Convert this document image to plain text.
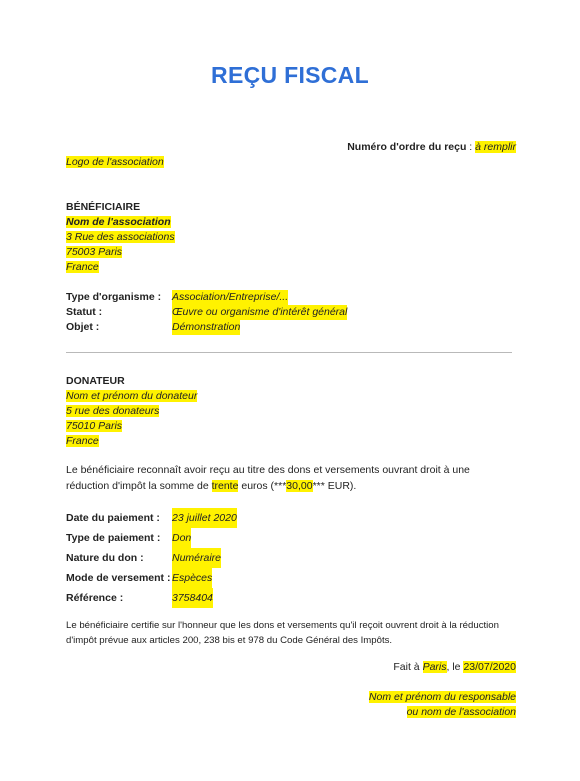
REÇU FISCAL
Numéro d'ordre du reçu : à remplir
Logo de l'association
BÉNÉFICIAIRE
Nom de l'association
3 Rue des associations
75003 Paris
France
Type d'organisme :	Association/Entreprise/...
Statut :	Œuvre ou organisme d'intérêt général
Objet :	Démonstration
DONATEUR
Nom et prénom du donateur
5 rue des donateurs
75010 Paris
France
Le bénéficiaire reconnaît avoir reçu au titre des dons et versements ouvrant droit à une
réduction d'impôt la somme de trente euros (***30,00*** EUR).
Date du paiement :	23 juillet 2020
Type de paiement :	Don
Nature du don :	Numéraire
Mode de versement : Espèces
Référence :	3758404
Le bénéficiaire certifie sur l'honneur que les dons et versements qu'il reçoit ouvrent droit à la réduction
d'impôt prévue aux articles 200, 238 bis et 978 du Code Général des Impôts.
Fait à Paris, le 23/07/2020
Nom et prénom du responsable
ou nom de l'association
